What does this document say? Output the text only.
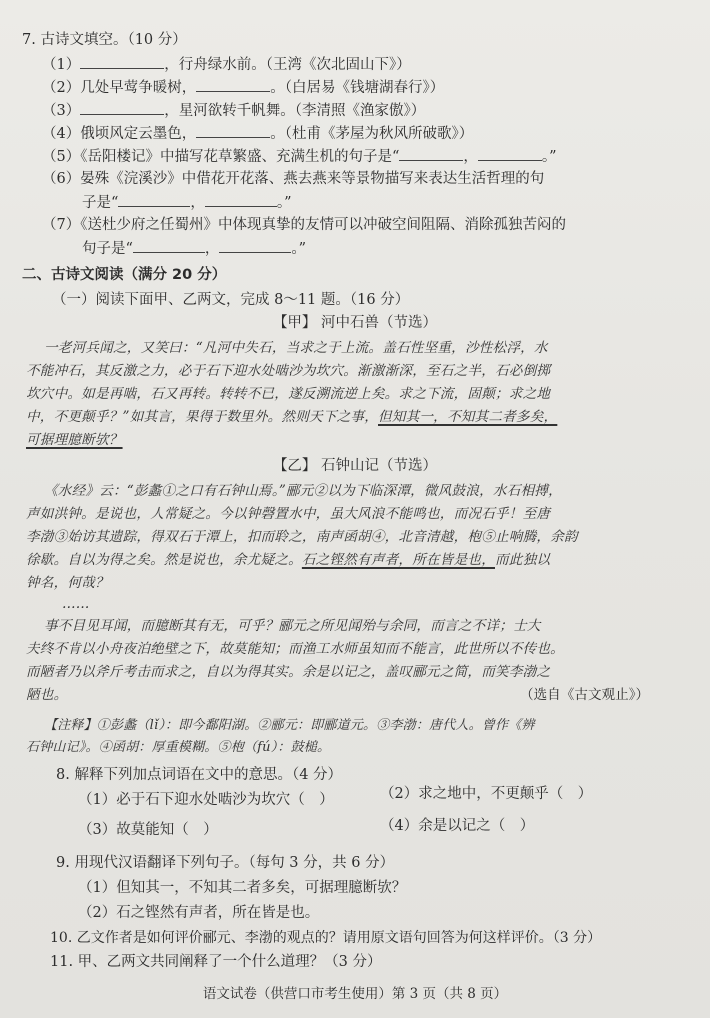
7. 古诗文填空。（10 分）
（1）	，行舟绿水前。（王湾《次北固山下》）
（2）几处早莺争暖树，	。（白居易《钱塘湖春行》）
（3）	，星河欲转千帆舞。（李清照《渔家傲》）
（4）俄顷风定云墨色，	。（杜甫《茅屋为秋风所破歌》）
（5）《岳阳楼记》中描写花草繁盛、充满生机的句子是“	，	。”
（6）晏殊《浣溪沙》中借花开花落、燕去燕来等景物描写来表达生活哲理的句
子是“	，	。”
（7）《送杜少府之任蜀州》中体现真挚的友情可以冲破空间阻隔、消除孤独苦闷的
句子是“	，	。”
二、古诗文阅读（满分 20 分）
（一）阅读下面甲、乙两文，完成 8～11 题。（16 分）
【甲】 河中石兽（节选）
一老河兵闻之，又笑曰：“凡河中失石，当求之于上流。盖石性坚重，沙性松浮，水
不能冲石，其反激之力，必于石下迎水处啮沙为坎穴。渐激渐深，至石之半，石必倒掷
坎穴中。如是再啮，石又再转。转转不已，遂反溯流逆上矣。求之下流，固颠；求之地
中，不更颠乎？”如其言，果得于数里外。然则天下之事，但知其一，不知其二者多矣，
可据理臆断欤？
【乙】 石钟山记（节选）
《水经》云：“彭蠡①之口有石钟山焉。”郦元②以为下临深潭，微风鼓浪，水石相搏，
声如洪钟。是说也，人常疑之。今以钟磬置水中，虽大风浪不能鸣也，而况石乎！至唐
李渤③始访其遗踪，得双石于潭上，扣而聆之，南声函胡④，北音清越，枹⑤止响腾，余韵
徐歇。自以为得之矣。然是说也，余尤疑之。石之铿然有声者，所在皆是也，而此独以
钟名，何哉？
……
事不目见耳闻，而臆断其有无，可乎？郦元之所见闻殆与余同，而言之不详；士大
夫终不肯以小舟夜泊绝壁之下，故莫能知；而渔工水师虽知而不能言，此世所以不传也。
而陋者乃以斧斤考击而求之，自以为得其实。余是以记之，盖叹郦元之简，而笑李渤之
陋也。	（选自《古文观止》）
【注释】①彭蠡（lǐ）：即今鄱阳湖。②郦元：即郦道元。③李渤：唐代人。曾作《辨
石钟山记》。④函胡：厚重模糊。⑤枹（fú）：鼓槌。
8. 解释下列加点词语在文中的意思。（4 分）
（1）必于石下迎水处啮沙为坎穴（　）	（2）求之地中，不更颠乎（　）
（3）故莫能知（　）	（4）余是以记之（　）
9. 用现代汉语翻译下列句子。（每句 3 分，共 6 分）
（1）但知其一，不知其二者多矣，可据理臆断欤？
（2）石之铿然有声者，所在皆是也。
10. 乙文作者是如何评价郦元、李渤的观点的？请用原文语句回答为何这样评价。（3 分）
11. 甲、乙两文共同阐释了一个什么道理？（3 分）
语文试卷（供营口市考生使用）第 3 页（共 8 页）
